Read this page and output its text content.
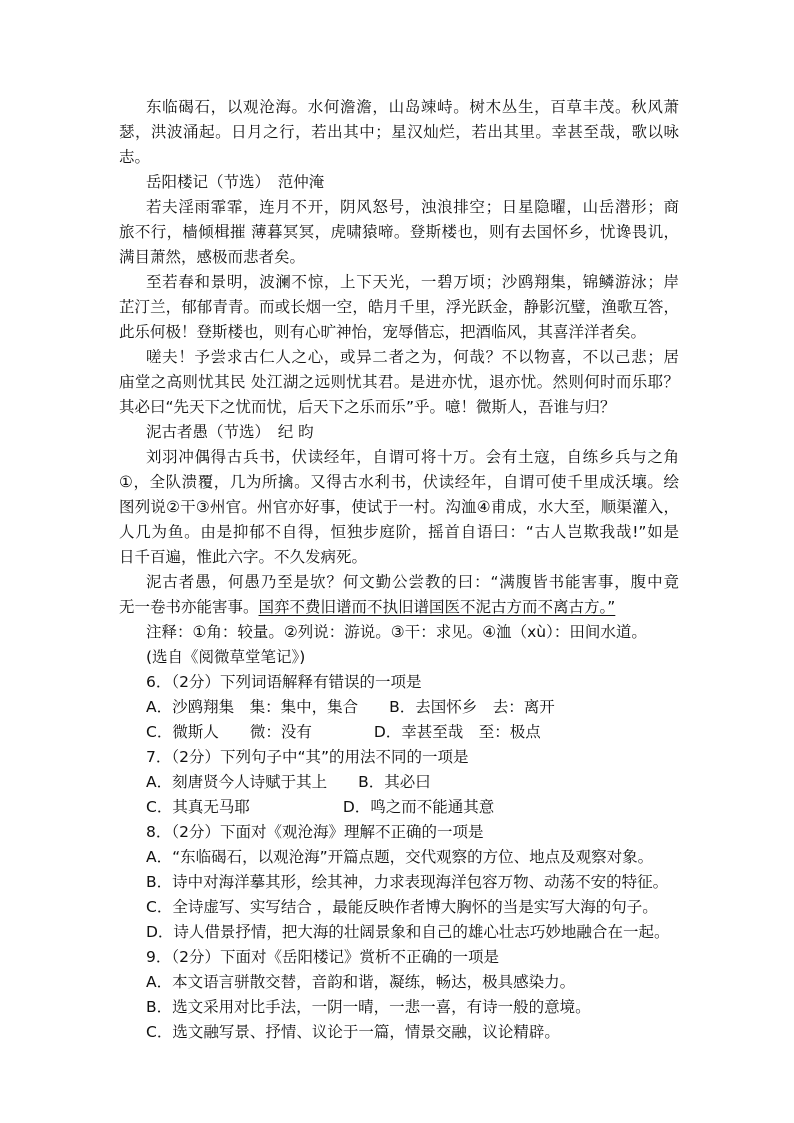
东临碣石，以观沧海。水何澹澹，山岛竦峙。树木丛生，百草丰茂。秋风萧
瑟，洪波涌起。日月之行，若出其中；星汉灿烂，若出其里。幸甚至哉，歌以咏
志。
岳阳楼记（节选）　范仲淹
若夫淫雨霏霏，连月不开，阴风怒号，浊浪排空；日星隐曜，山岳潜形；商
旅不行，樯倾楫摧 薄暮冥冥，虎啸猿啼。登斯楼也，则有去国怀乡，忧谗畏讥，
满目萧然，感极而悲者矣。
至若春和景明，波澜不惊，上下天光，一碧万顷；沙鸥翔集，锦鳞游泳；岸
芷汀兰，郁郁青青。而或长烟一空，皓月千里，浮光跃金，静影沉璧，渔歌互答，
此乐何极！登斯楼也，则有心旷神怡，宠辱偕忘，把酒临风，其喜洋洋者矣。
嗟夫！予尝求古仁人之心，或异二者之为，何哉？不以物喜，不以己悲；居
庙堂之高则忧其民 处江湖之远则忧其君。是进亦忧，退亦忧。然则何时而乐耶？
其必曰“先天下之忧而忧，后天下之乐而乐”乎。噫！微斯人，吾谁与归？
泥古者愚（节选）　纪 昀
刘羽冲偶得古兵书，伏读经年，自谓可将十万。会有土寇，自练乡兵与之角
①，全队溃覆，几为所擒。又得古水利书，伏读经年，自谓可使千里成沃壤。绘
图列说②干③州官。州官亦好事，使试于一村。沟洫④甫成，水大至，顺渠灌入，
人几为鱼。由是抑郁不自得，恒独步庭阶，摇首自语曰：“古人岂欺我哉!”如是
日千百遍，惟此六字。不久发病死。
泥古者愚，何愚乃至是欤？何文勤公尝教的曰：“满腹皆书能害事，腹中竟
无一卷书亦能害事。国弈不费旧谱而不执旧谱国医不泥古方而不离古方。”
注释：①角：较量。②列说：游说。③干：求见。④洫（xù）：田间水道。
(选自《阅微草堂笔记》)
6．（2分）下列词语解释有错误的一项是
A．沙鸥翔集　集：集中，集合　　B．去国怀乡　去：离开
C．微斯人　　微：没有　　　　D．幸甚至哉　至：极点
7．（2分）下列句子中“其”的用法不同的一项是
A．刻唐贤今人诗赋于其上　　B．其必曰
C．其真无马耶　　　　　　D．鸣之而不能通其意
8．（2分）下面对《观沧海》理解不正确的一项是
A．“东临碣石，以观沧海”开篇点题，交代观察的方位、地点及观察对象。
B．诗中对海洋摹其形，绘其神，力求表现海洋包容万物、动荡不安的特征。
C．全诗虚写、实写结合 ，最能反映作者博大胸怀的当是实写大海的句子。
D．诗人借景抒情，把大海的壮阔景象和自己的雄心壮志巧妙地融合在一起。
9．（2分）下面对《岳阳楼记》赏析不正确的一项是
A．本文语言骈散交替，音韵和谐，凝练，畅达，极具感染力。
B．选文采用对比手法，一阴一晴，一悲一喜，有诗一般的意境。
C．选文融写景、抒情、议论于一篇，情景交融，议论精辟。
